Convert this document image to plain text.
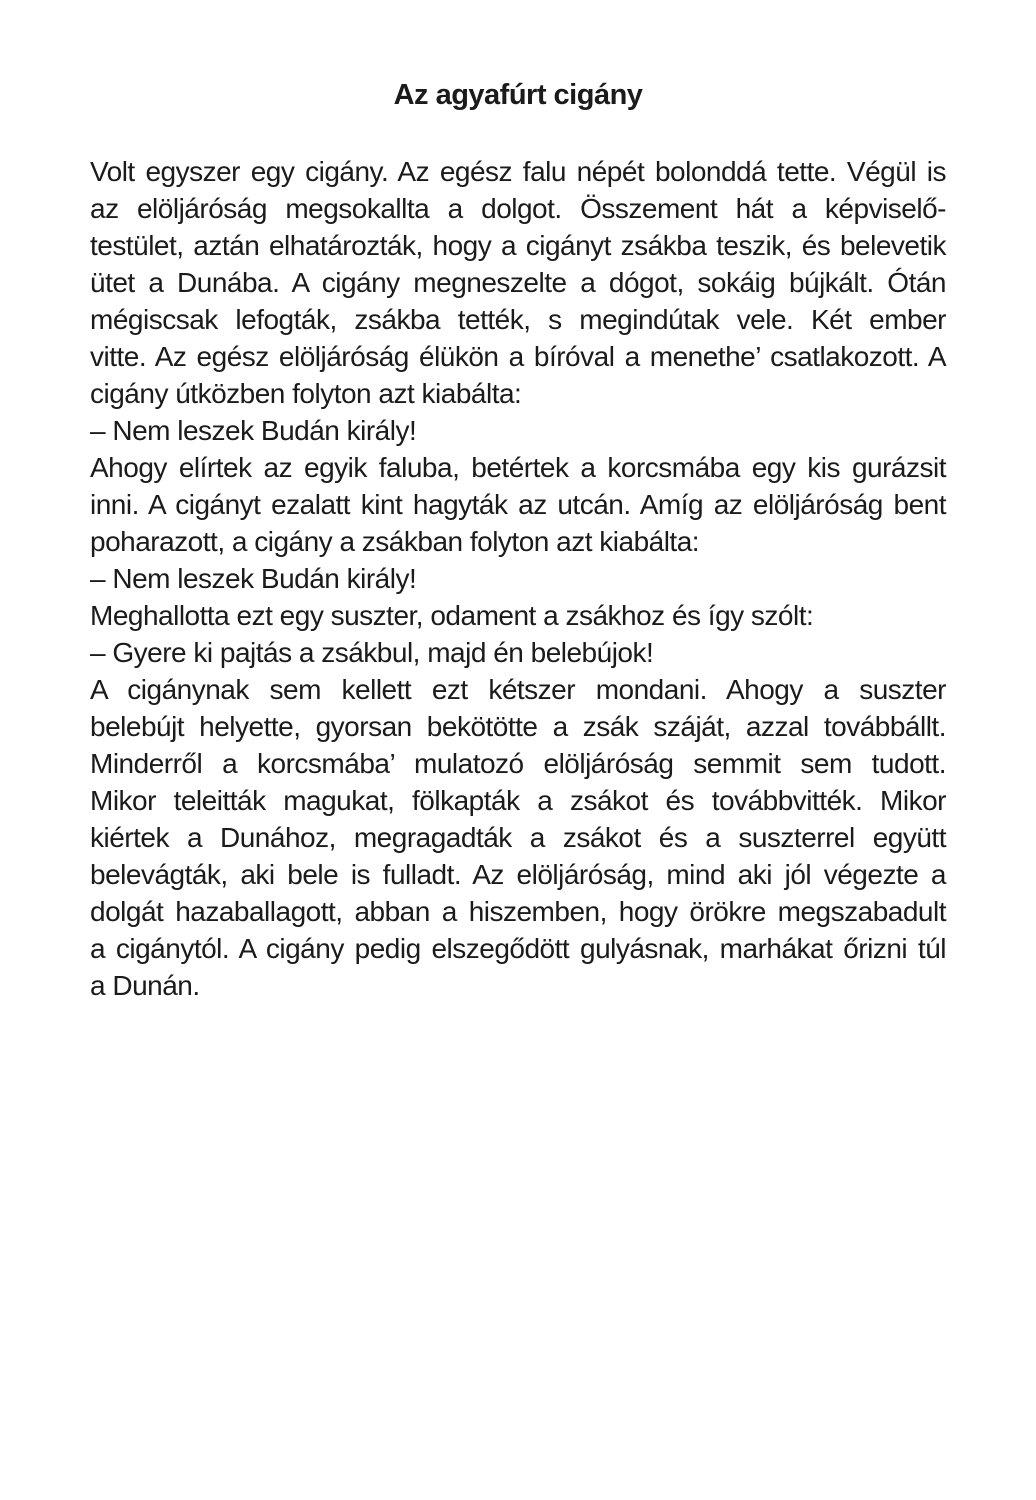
Az agyafúrt cigány
Volt egyszer egy cigány. Az egész falu népét bolonddá tette. Végül is
az elöljáróság megsokallta a dolgot. Összement hát a képviselő-
testület, aztán elhatározták, hogy a cigányt zsákba teszik, és belevetik
ütet a Dunába. A cigány megneszelte a dógot, sokáig bújkált. Ótán
mégiscsak lefogták, zsákba tették, s megindútak vele. Két ember
vitte. Az egész elöljáróság élükön a bíróval a menethe’ csatlakozott. A
cigány útközben folyton azt kiabálta:
– Nem leszek Budán király!
Ahogy elírtek az egyik faluba, betértek a korcsmába egy kis gurázsit
inni. A cigányt ezalatt kint hagyták az utcán. Amíg az elöljáróság bent
poharazott, a cigány a zsákban folyton azt kiabálta:
– Nem leszek Budán király!
Meghallotta ezt egy suszter, odament a zsákhoz és így szólt:
– Gyere ki pajtás a zsákbul, majd én belebújok!
A cigánynak sem kellett ezt kétszer mondani. Ahogy a suszter
belebújt helyette, gyorsan bekötötte a zsák száját, azzal továbbállt.
Minderről a korcsmába’ mulatozó elöljáróság semmit sem tudott.
Mikor teleitták magukat, fölkapták a zsákot és továbbvitték. Mikor
kiértek a Dunához, megragadták a zsákot és a suszterrel együtt
belevágták, aki bele is fulladt. Az elöljáróság, mind aki jól végezte a
dolgát hazaballagott, abban a hiszemben, hogy örökre megszabadult
a cigánytól. A cigány pedig elszegődött gulyásnak, marhákat őrizni túl
a Dunán.
